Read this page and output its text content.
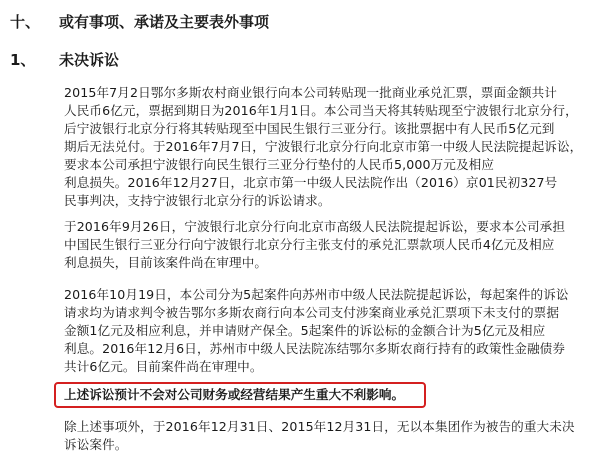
十、 或有事项、承诺及主要表外事项
1、 未决诉讼
2015年7月2日鄂尔多斯农村商业银行向本公司转贴现一批商业承兑汇票，票面金额共计
人民币6亿元，票据到期日为2016年1月1日。本公司当天将其转贴现至宁波银行北京分行，
后宁波银行北京分行将其转贴现至中国民生银行三亚分行。该批票据中有人民币5亿元到
期后无法兑付。于2016年7月7日，宁波银行北京分行向北京市第一中级人民法院提起诉讼，
要求本公司承担宁波银行向民生银行三亚分行垫付的人民币5,000万元及相应
利息损失。2016年12月27日，北京市第一中级人民法院作出（2016）京01民初327号
民事判决，支持宁波银行北京分行的诉讼请求。
于2016年9月26日，宁波银行北京分行向北京市高级人民法院提起诉讼，要求本公司承担
中国民生银行三亚分行向宁波银行北京分行主张支付的承兑汇票款项人民币4亿元及相应
利息损失，目前该案件尚在审理中。
2016年10月19日，本公司分为5起案件向苏州市中级人民法院提起诉讼，每起案件的诉讼
请求均为请求判令被告鄂尔多斯农商行向本公司支付涉案商业承兑汇票项下未支付的票据
金额1亿元及相应利息，并申请财产保全。5起案件的诉讼标的金额合计为5亿元及相应
利息。2016年12月6日，苏州市中级人民法院冻结鄂尔多斯农商行持有的政策性金融债券
共计6亿元。目前案件尚在审理中。
上述诉讼预计不会对公司财务或经营结果产生重大不利影响。
除上述事项外，于2016年12月31日、2015年12月31日，无以本集团作为被告的重大未决
诉讼案件。
